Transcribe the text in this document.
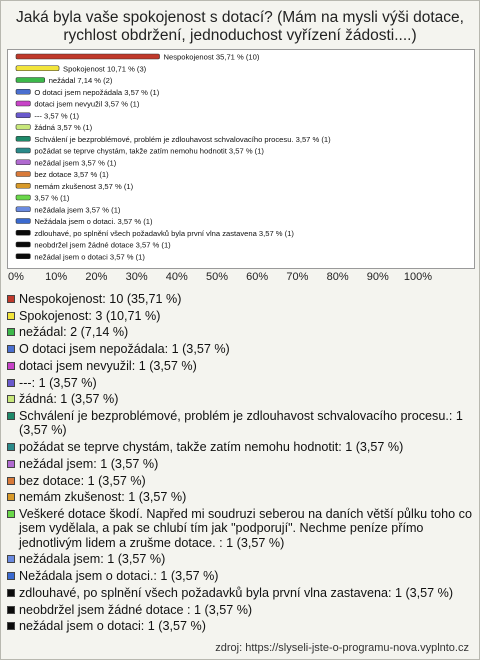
Jaká byla vaše spokojenost s dotací? (Mám na mysli výši dotace, rychlost obdržení, jednoduchost vyřízení žádosti....)
Nespokojenost 35,71 % (10)
Spokojenost 10,71 % (3)
nežádal 7,14 % (2)
O dotaci jsem nepožádala 3,57 % (1)
dotaci jsem nevyužil 3,57 % (1)
--- 3,57 % (1)
žádná 3,57 % (1)
Schválení je bezproblémové, problém je zdlouhavost schvalovacího procesu. 3,57 % (1)
požádat se teprve chystám, takže zatím nemohu hodnotit 3,57 % (1)
nežádal jsem 3,57 % (1)
bez dotace 3,57 % (1)
nemám zkušenost 3,57 % (1)
3,57 % (1)
nežádala jsem 3,57 % (1)
Nežádala jsem o dotaci. 3,57 % (1)
zdlouhavé, po splnění všech požadavků byla první vlna zastavena 3,57 % (1)
neobdržel jsem žádné dotace 3,57 % (1)
nežádal jsem o dotaci 3,57 % (1)
0% 10% 20% 30% 40% 50% 60% 70% 80% 90% 100%
Nespokojenost: 10 (35,71 %)
Spokojenost: 3 (10,71 %)
nežádal: 2 (7,14 %)
O dotaci jsem nepožádala: 1 (3,57 %)
dotaci jsem nevyužil: 1 (3,57 %)
---: 1 (3,57 %)
žádná: 1 (3,57 %)
Schválení je bezproblémové, problém je zdlouhavost schvalovacího procesu.: 1 (3,57 %)
požádat se teprve chystám, takže zatím nemohu hodnotit: 1 (3,57 %)
nežádal jsem: 1 (3,57 %)
bez dotace: 1 (3,57 %)
nemám zkušenost: 1 (3,57 %)
Veškeré dotace škodí. Napřed mi soudruzi seberou na daních větší půlku toho co jsem vydělala, a pak se chlubí tím jak "podporují". Nechme peníze přímo jednotlivým lidem a zrušme dotace. : 1 (3,57 %)
nežádala jsem: 1 (3,57 %)
Nežádala jsem o dotaci.: 1 (3,57 %)
zdlouhavé, po splnění všech požadavků byla první vlna zastavena: 1 (3,57 %)
neobdržel jsem žádné dotace : 1 (3,57 %)
nežádal jsem o dotaci: 1 (3,57 %)
zdroj: https://slyseli-jste-o-programu-nova.vyplnto.cz
